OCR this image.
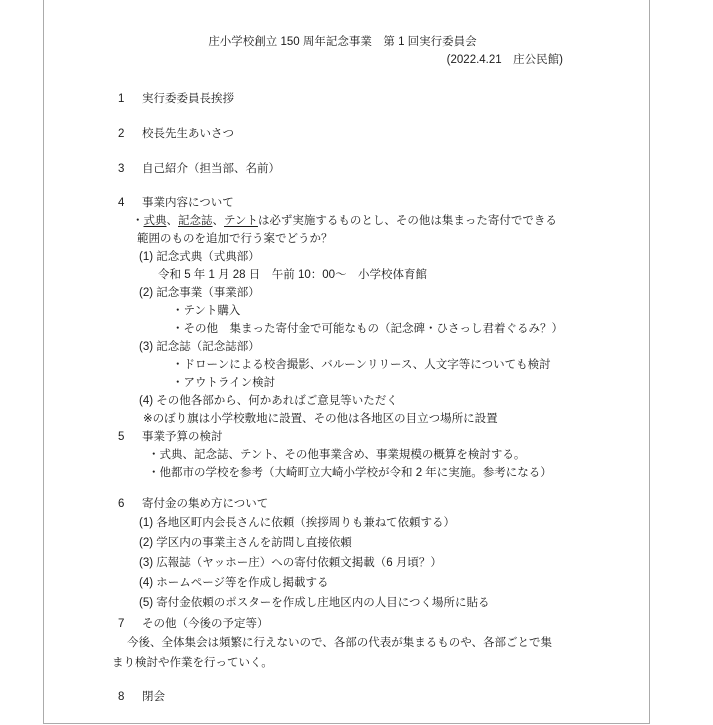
庄小学校創立 150 周年記念事業　第 1 回実行委員会
(2022.4.21　庄公民館)
1	実行委委員長挨拶
2	校長先生あいさつ
3	自己紹介（担当部、名前）
4	事業内容について
・式典、記念誌、テントは必ず実施するものとし、その他は集まった寄付でできる
範囲のものを追加で行う案でどうか？
(1) 記念式典（式典部）
令和 5 年 1 月 28 日　午前 10：00～　小学校体育館
(2) 記念事業（事業部）
・テント購入
・その他　集まった寄付金で可能なもの（記念碑・ひさっし君着ぐるみ？）
(3) 記念誌（記念誌部）
・ドローンによる校舎撮影、バルーンリリース、人文字等についても検討
・アウトライン検討
(4) その他各部から、何かあればご意見等いただく
※のぼり旗は小学校敷地に設置、その他は各地区の目立つ場所に設置
5	事業予算の検討
・式典、記念誌、テント、その他事業含め、事業規模の概算を検討する。
・他都市の学校を参考（大崎町立大崎小学校が令和 2 年に実施。参考になる）
6	寄付金の集め方について
(1) 各地区町内会長さんに依頼（挨拶周りも兼ねて依頼する）
(2) 学区内の事業主さんを訪問し直接依頼
(3) 広報誌（ヤッホー庄）への寄付依頼文掲載（6 月頃？）
(4) ホームページ等を作成し掲載する
(5) 寄付金依頼のポスターを作成し庄地区内の人目につく場所に貼る
7	その他（今後の予定等）
今後、全体集会は頻繁に行えないので、各部の代表が集まるものや、各部ごとで集
まり検討や作業を行っていく。
8	閉会
